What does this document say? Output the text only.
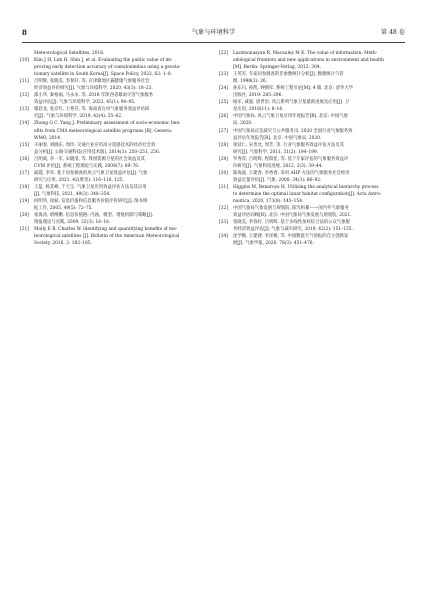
8	气象与环境科学	第 48 卷
Meteorological Satellites, 2016.
[10] Kim J H, Lim H, Shin J, et al. Evaluating the public value of im-
proving early detection accuracy of cumulonimbus using a geosta-
tionary satellite in South Korea[J]. Space Policy, 2022, 62: 1–8.
[11] 吕明辉, 张晓美, 李春轩, 等. 京津冀地区霾健康气象服务社会
经济效益评价研究[J]. 气象与环境科学, 2020, 43(3): 18–23.
[12] 邵小华, 秦裕福, 马永永, 等. 2018 年陕西省暴雨灾害气象服务
效益评估[J]. 气象与环境科学, 2022, 45(1): 90–95.
[13] 鄢彩龙, 张京红, 王秀芬, 等. 海南省台风气象服务效益评估研
究[J]. 气象与环境科学, 2019, 42(4): 55–62.
[14] Zhong G C, Yang J. Preliminary assessment of socio-economic ben-
efits from CMA meteorological satellite programs [R]. Geneva:
WMO, 2014.
[15] 辛丽春, 刘晓东, 周玲. 交通行业应用高分遥感技术的经济社会效
益分析[J]. 公路交通科技(应用技术版), 2014(3): 250–251, 256.
[16] 吕明威, 李一军, 宋晓清, 等. 我国资源卫星的社会效益及其
CVM 评价[J]. 系统工程理论与实践, 2009(7): 69–76.
[17] 戚越, 李军. 基于问卷调查的风云气象卫星效益评估[J]. 气象
研究与应用, 2021, 42(增刊): 116–118, 125.
[18] 王蓝, 杨其峰, 于天宝. 气象卫星应用效益评估方法及其应用
[J]. 气象科技, 2021, 49(3): 348–354.
[19] 何明华, 徐斌. 信息价值和信息服务价值评价研究[J]. 图书情
报工作, 2005, 49(5): 72–75.
[20] 张海涛, 靖继鹏. 信息价值链: 内涵、模型、增值机制与策略[J].
情报理论与实践, 2009, 32(3): 16–18.
[21] Molly E B, Charles W. Identifying and quantifying benefits of me-
teorological satellites [J]. Bulletin of the American Meteorological
Society, 2016, 2: 182–185.
[22] Lazzmonasyan R, Macauley M K. The value of information: Meth-
odological frontiers and new applications in environment and health
[M]. Berlin: Springer-Verlag, 2012: 304.
[23] 王英军. 专家问卷调查的非参数统计分析[J]. 数理统计与管
理, 1998(3): 26.
[24] 孙东川, 孙凯, 钟拥军. 系统工程引论[M]. 4 版. 北京: 清华大学
出版社, 2019: 285–296.
[25] 杨军, 咸迪, 唐世浩. 风云系列气象卫星最新进展及应用[J]. 卫
星应用, 2018(11): 8–14.
[26] 中国气象局. 风云气象卫星应用年度报告[R]. 北京: 中国气象
局, 2020.
[27] 中国气象局应急减灾与公共服务司. 2020 全国行业气象服务效
益评估年度报告[R]. 北京: 中国气象局, 2020.
[28] 张钛仁, 宋善允, 周芳, 等. 行业气象服务效益评估方法及其
研究[J]. 气象科学, 2011, 31(2): 194–199.
[29] 罗秀萍, 吕明辉, 程瑞佳, 等. 基于专家评估的气象服务效益评
价研究[J]. 气象科技进展, 2012, 2(3): 39–44.
[30] 陈海波, 王建春, 李香香. 采用 AHP 方法的气象服务社会经济
效益定量评价[J]. 气象, 2008, 34(3): 86–92.
[31] Higgins M, Benaroya H. Utilizing the analytical hierarchy process
to determine the optimal lunar habitat configuration[J]. Acta Astro-
nautica, 2020, 173(8): 145–154.
[32] 中国气象局气象发展与规划院. 阳光积累——国内外气象服务
效益评估回顾[R]. 北京: 中国气象局气象发展与规划院, 2021.
[33] 张晓美, 李春轩, 吕明辉. 基于多线性加权综合法的公众气象服
务经济效益评估[J]. 气象与减灾研究, 2019, 42(2): 151–155.
[34] 沈学顺, 王建捷, 李泽椿, 等. 中国数值天气预报的自主创新发
展[J]. 气象学报, 2020, 78(3): 451–476.
